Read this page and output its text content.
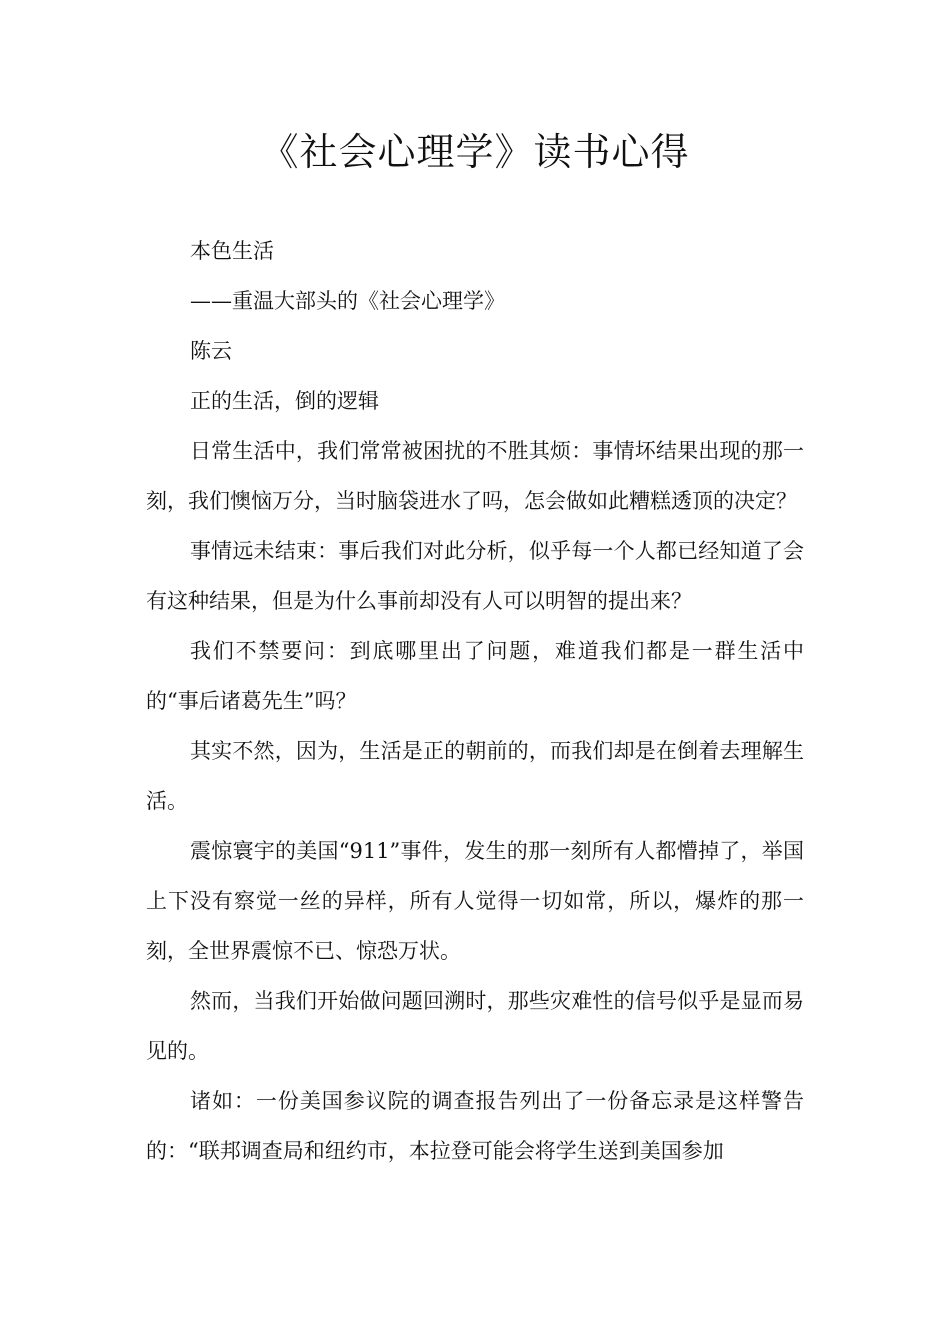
《社会心理学》读书心得

本色生活

——重温大部头的《社会心理学》

陈云

正的生活，倒的逻辑

日常生活中，我们常常被困扰的不胜其烦：事情坏结果出现的那一刻，我们懊恼万分，当时脑袋进水了吗，怎会做如此糟糕透顶的决定？

事情远未结束：事后我们对此分析，似乎每一个人都已经知道了会有这种结果，但是为什么事前却没有人可以明智的提出来？

我们不禁要问：到底哪里出了问题，难道我们都是一群生活中的“事后诸葛先生”吗？

其实不然，因为，生活是正的朝前的，而我们却是在倒着去理解生活。

震惊寰宇的美国“911”事件，发生的那一刻所有人都懵掉了，举国上下没有察觉一丝的异样，所有人觉得一切如常，所以，爆炸的那一刻，全世界震惊不已、惊恐万状。

然而，当我们开始做问题回溯时，那些灾难性的信号似乎是显而易见的。

诸如：一份美国参议院的调查报告列出了一份备忘录是这样警告的：“联邦调查局和纽约市，本拉登可能会将学生送到美国参加
